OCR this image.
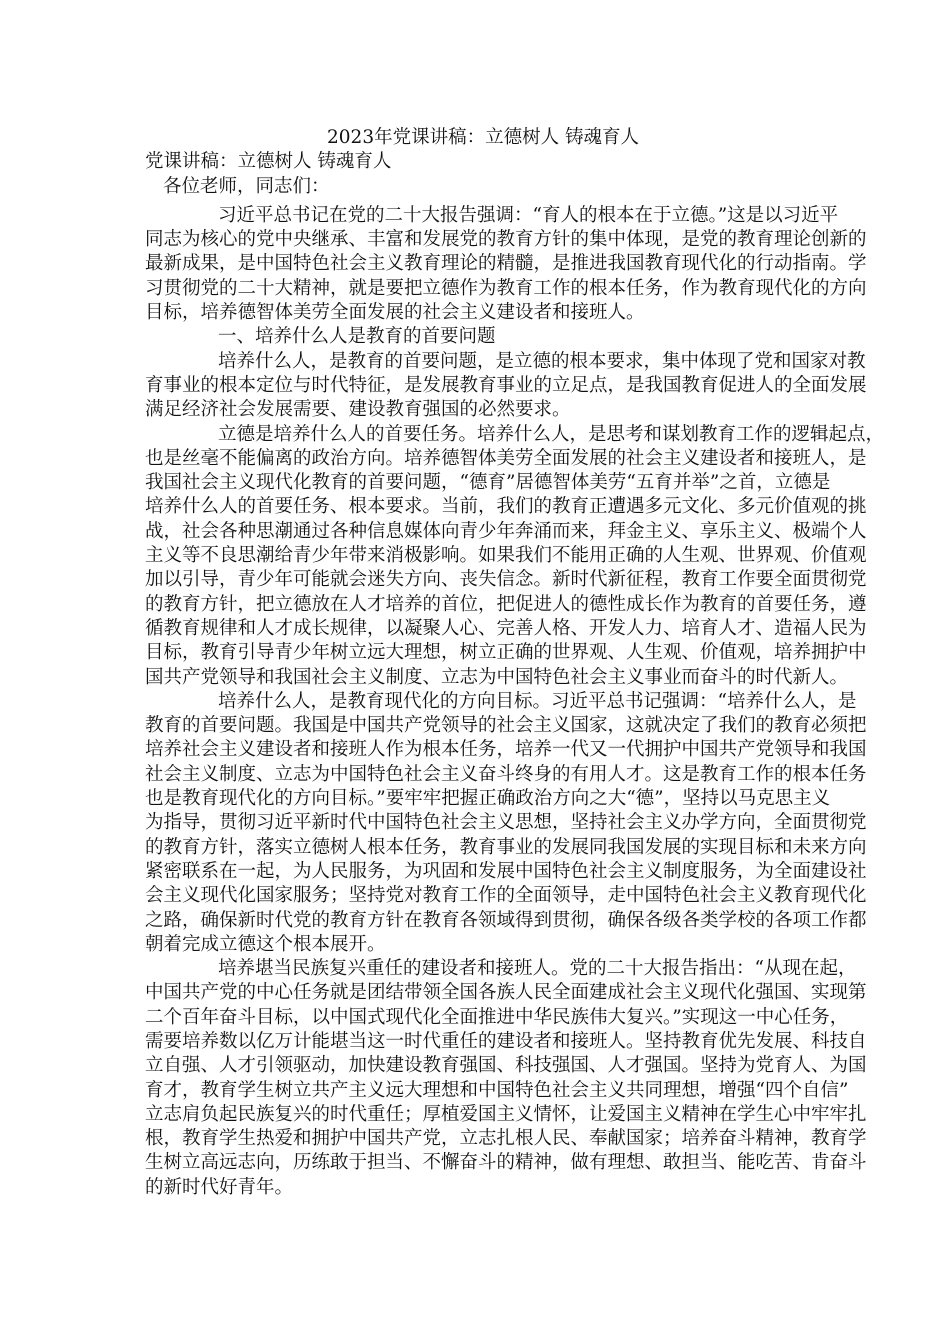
2023年党课讲稿：立德树人 铸魂育人
党课讲稿：立德树人 铸魂育人
各位老师，同志们：
习近平总书记在党的二十大报告强调：“育人的根本在于立德。”这是以习近平
同志为核心的党中央继承、丰富和发展党的教育方针的集中体现，是党的教育理论创新的
最新成果，是中国特色社会主义教育理论的精髓，是推进我国教育现代化的行动指南。学
习贯彻党的二十大精神，就是要把立德作为教育工作的根本任务，作为教育现代化的方向
目标，培养德智体美劳全面发展的社会主义建设者和接班人。
一、培养什么人是教育的首要问题
培养什么人，是教育的首要问题，是立德的根本要求，集中体现了党和国家对教
育事业的根本定位与时代特征，是发展教育事业的立足点，是我国教育促进人的全面发展
满足经济社会发展需要、建设教育强国的必然要求。
立德是培养什么人的首要任务。培养什么人，是思考和谋划教育工作的逻辑起点，
也是丝毫不能偏离的政治方向。培养德智体美劳全面发展的社会主义建设者和接班人，是
我国社会主义现代化教育的首要问题，“德育”居德智体美劳“五育并举”之首，立德是
培养什么人的首要任务、根本要求。当前，我们的教育正遭遇多元文化、多元价值观的挑
战，社会各种思潮通过各种信息媒体向青少年奔涌而来，拜金主义、享乐主义、极端个人
主义等不良思潮给青少年带来消极影响。如果我们不能用正确的人生观、世界观、价值观
加以引导，青少年可能就会迷失方向、丧失信念。新时代新征程，教育工作要全面贯彻党
的教育方针，把立德放在人才培养的首位，把促进人的德性成长作为教育的首要任务，遵
循教育规律和人才成长规律，以凝聚人心、完善人格、开发人力、培育人才、造福人民为
目标，教育引导青少年树立远大理想，树立正确的世界观、人生观、价值观，培养拥护中
国共产党领导和我国社会主义制度、立志为中国特色社会主义事业而奋斗的时代新人。
培养什么人，是教育现代化的方向目标。习近平总书记强调：“培养什么人，是
教育的首要问题。我国是中国共产党领导的社会主义国家，这就决定了我们的教育必须把
培养社会主义建设者和接班人作为根本任务，培养一代又一代拥护中国共产党领导和我国
社会主义制度、立志为中国特色社会主义奋斗终身的有用人才。这是教育工作的根本任务
也是教育现代化的方向目标。”要牢牢把握正确政治方向之大“德”，坚持以马克思主义
为指导，贯彻习近平新时代中国特色社会主义思想，坚持社会主义办学方向，全面贯彻党
的教育方针，落实立德树人根本任务，教育事业的发展同我国发展的实现目标和未来方向
紧密联系在一起，为人民服务，为巩固和发展中国特色社会主义制度服务，为全面建设社
会主义现代化国家服务；坚持党对教育工作的全面领导，走中国特色社会主义教育现代化
之路，确保新时代党的教育方针在教育各领域得到贯彻，确保各级各类学校的各项工作都
朝着完成立德这个根本展开。
培养堪当民族复兴重任的建设者和接班人。党的二十大报告指出：“从现在起，
中国共产党的中心任务就是团结带领全国各族人民全面建成社会主义现代化强国、实现第
二个百年奋斗目标，以中国式现代化全面推进中华民族伟大复兴。”实现这一中心任务，
需要培养数以亿万计能堪当这一时代重任的建设者和接班人。坚持教育优先发展、科技自
立自强、人才引领驱动，加快建设教育强国、科技强国、人才强国。坚持为党育人、为国
育才，教育学生树立共产主义远大理想和中国特色社会主义共同理想，增强“四个自信”
立志肩负起民族复兴的时代重任；厚植爱国主义情怀，让爱国主义精神在学生心中牢牢扎
根，教育学生热爱和拥护中国共产党，立志扎根人民、奉献国家；培养奋斗精神，教育学
生树立高远志向，历练敢于担当、不懈奋斗的精神，做有理想、敢担当、能吃苦、肯奋斗
的新时代好青年。
